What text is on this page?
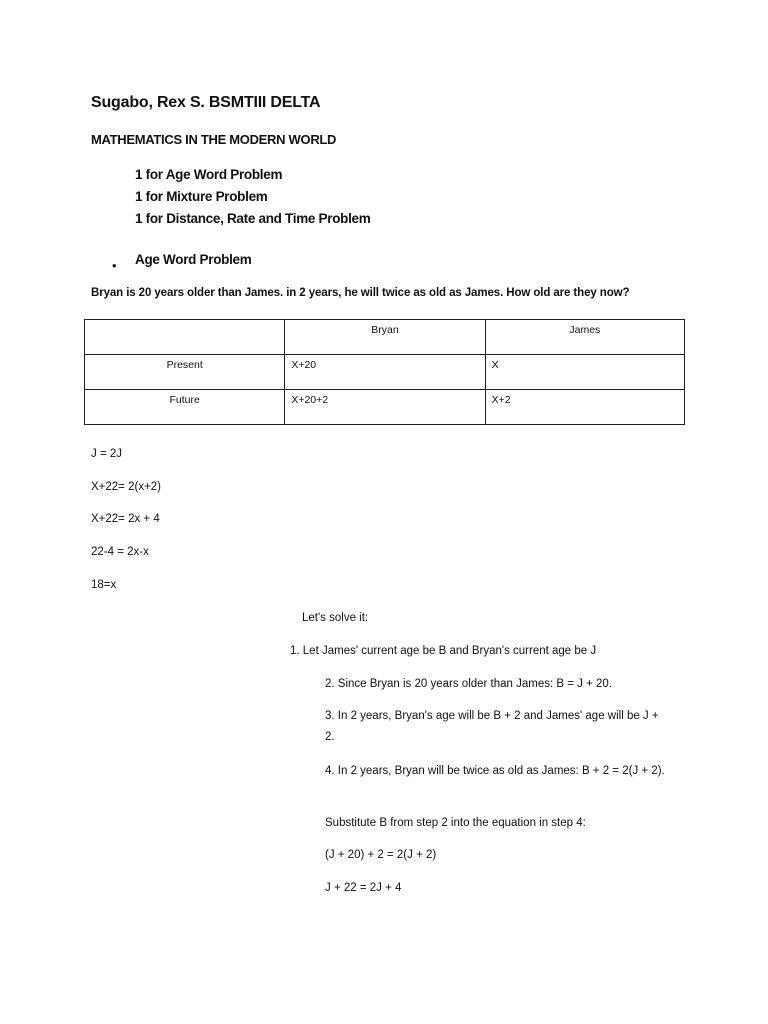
Sugabo, Rex S. BSMTIII DELTA
MATHEMATICS IN THE MODERN WORLD
1 for Age Word Problem
1 for Mixture Problem
1 for Distance, Rate and Time Problem
• Age Word Problem
Bryan is 20 years older than James. in 2 years, he will twice as old as James. How old are they now?
	Bryan	James
Present	X+20	X
Future	X+20+2	X+2
J = 2J
X+22= 2(x+2)
X+22= 2x + 4
22-4 = 2x-x
18=x
Let's solve it:
1. Let James' current age be B and Bryan's current age be J
2. Since Bryan is 20 years older than James: B = J + 20.
3. In 2 years, Bryan's age will be B + 2 and James' age will be J + 2.
4. In 2 years, Bryan will be twice as old as James: B + 2 = 2(J + 2).
Substitute B from step 2 into the equation in step 4:
(J + 20) + 2 = 2(J + 2)
J + 22 = 2J + 4
